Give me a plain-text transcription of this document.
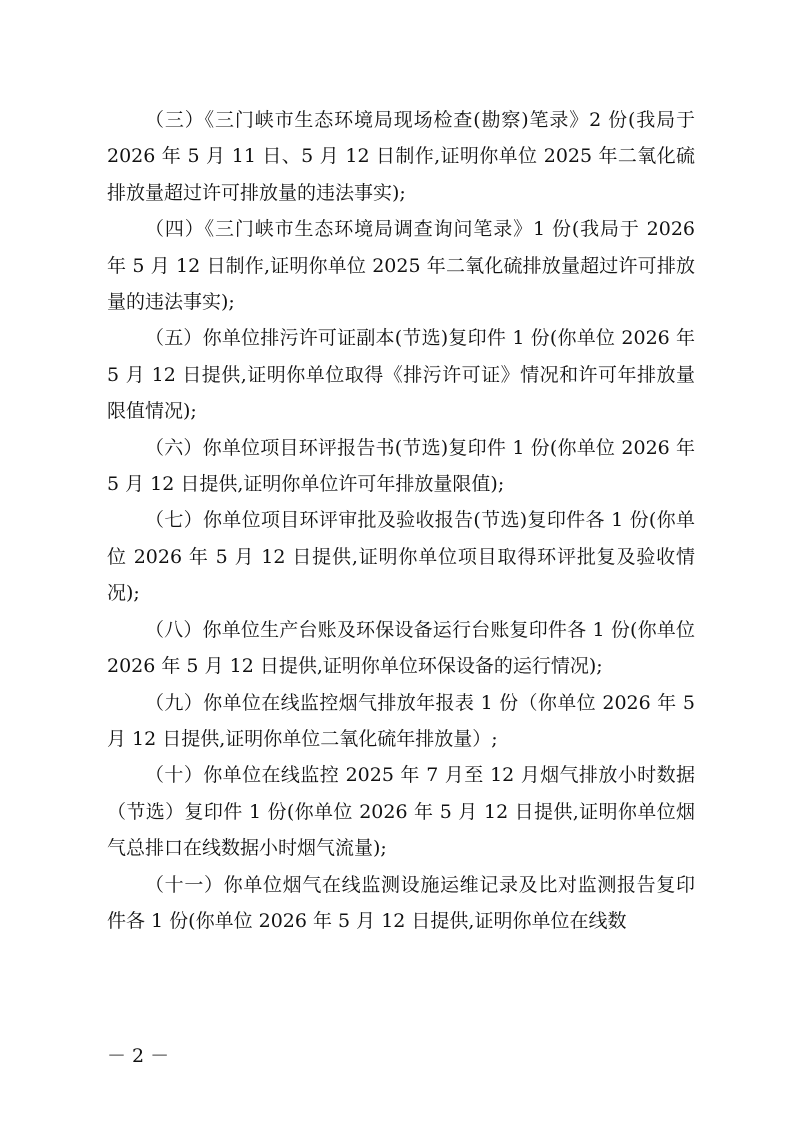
（三）《三门峡市生态环境局现场检查(勘察)笔录》2 份(我局于 2026 年 5 月 11 日、5 月 12 日制作,证明你单位 2025 年二氧化硫排放量超过许可排放量的违法事实);

（四）《三门峡市生态环境局调查询问笔录》1 份(我局于 2026 年 5 月 12 日制作,证明你单位 2025 年二氧化硫排放量超过许可排放量的违法事实);

（五）你单位排污许可证副本(节选)复印件 1 份(你单位 2026 年 5 月 12 日提供,证明你单位取得《排污许可证》情况和许可年排放量限值情况);

（六）你单位项目环评报告书(节选)复印件 1 份(你单位 2026 年 5 月 12 日提供,证明你单位许可年排放量限值);

（七）你单位项目环评审批及验收报告(节选)复印件各 1 份(你单位 2026 年 5 月 12 日提供,证明你单位项目取得环评批复及验收情况);

（八）你单位生产台账及环保设备运行台账复印件各 1 份(你单位 2026 年 5 月 12 日提供,证明你单位环保设备的运行情况);

（九）你单位在线监控烟气排放年报表 1 份（你单位 2026 年 5 月 12 日提供,证明你单位二氧化硫年排放量）;

（十）你单位在线监控 2025 年 7 月至 12 月烟气排放小时数据（节选）复印件 1 份(你单位 2026 年 5 月 12 日提供,证明你单位烟气总排口在线数据小时烟气流量);

（十一）你单位烟气在线监测设施运维记录及比对监测报告复印件各 1 份(你单位 2026 年 5 月 12 日提供,证明你单位在线数

－ 2 －
